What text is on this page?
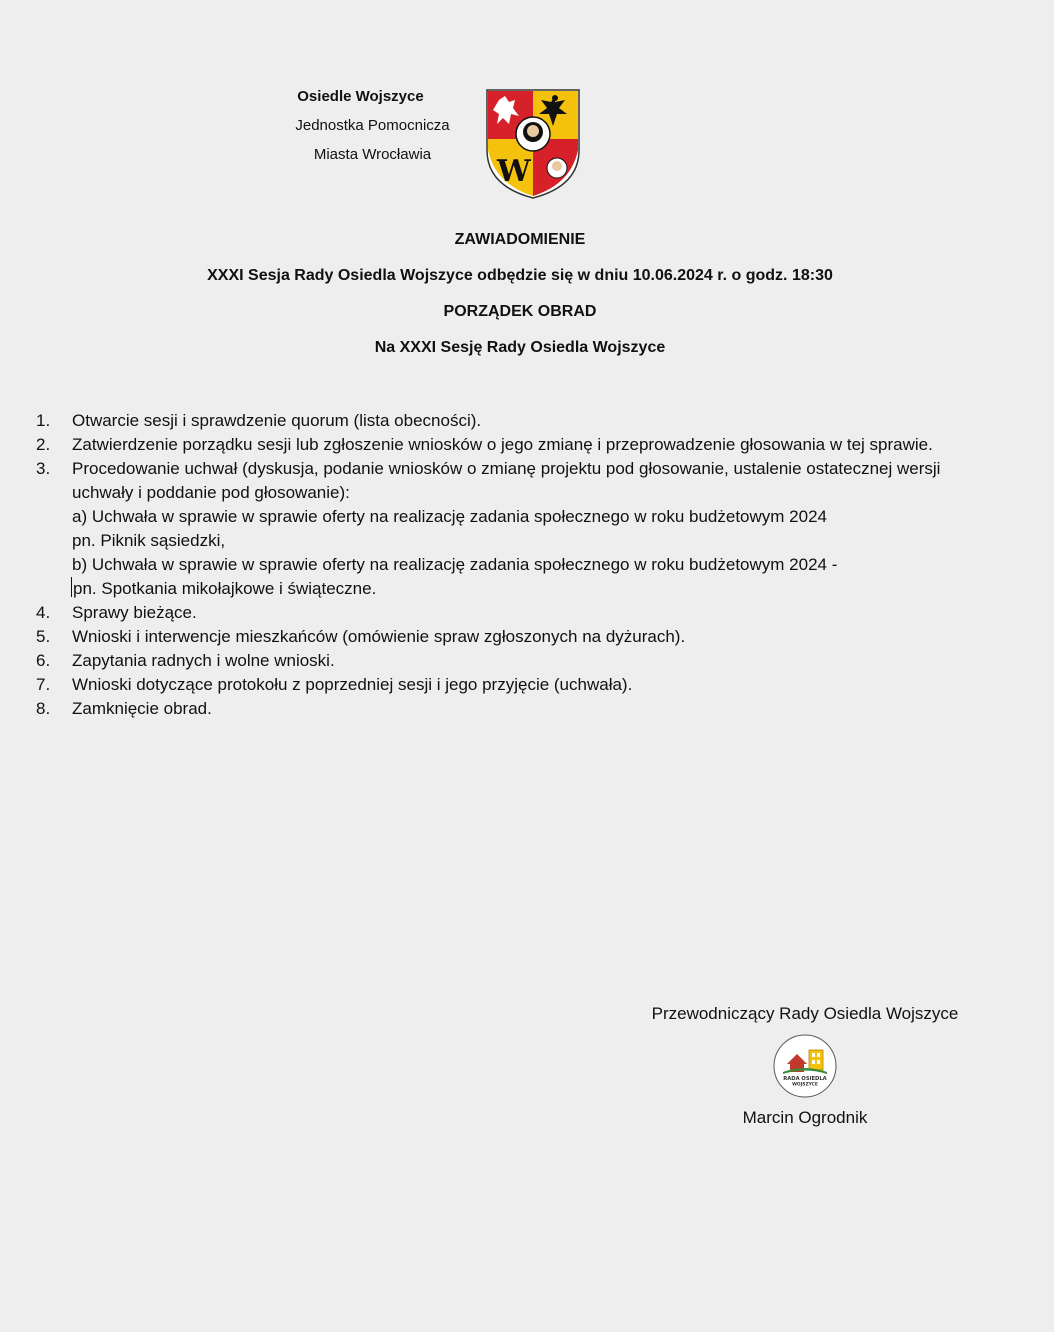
Osiedle Wojszyce
Jednostka Pomocnicza
Miasta Wrocławia	W
ZAWIADOMIENIE
XXXI Sesja Rady Osiedla Wojszyce odbędzie się w dniu 10.06.2024 r. o godz. 18:30
PORZĄDEK OBRAD
Na XXXI Sesję Rady Osiedla Wojszyce
1.	Otwarcie sesji i sprawdzenie quorum (lista obecności).
2.	Zatwierdzenie porządku sesji lub zgłoszenie wniosków o jego zmianę i przeprowadzenie głosowania w tej sprawie.
3.	Procedowanie uchwał (dyskusja, podanie wniosków o zmianę projektu pod głosowanie, ustalenie ostatecznej wersji uchwały i poddanie pod głosowanie):
a) Uchwała w sprawie w sprawie oferty na realizację zadania społecznego w roku budżetowym 2024
pn. Piknik sąsiedzki,
b) Uchwała w sprawie w sprawie oferty na realizację zadania społecznego w roku budżetowym 2024 -
pn. Spotkania mikołajkowe i świąteczne.
4.	Sprawy bieżące.
5.	Wnioski i interwencje mieszkańców (omówienie spraw zgłoszonych na dyżurach).
6.	Zapytania radnych i wolne wnioski.
7.	Wnioski dotyczące protokołu z poprzedniej sesji i jego przyjęcie (uchwała).
8.	Zamknięcie obrad.
Przewodniczący Rady Osiedla Wojszyce
RADA OSIEDLA
WOJSZYCE
Marcin Ogrodnik
